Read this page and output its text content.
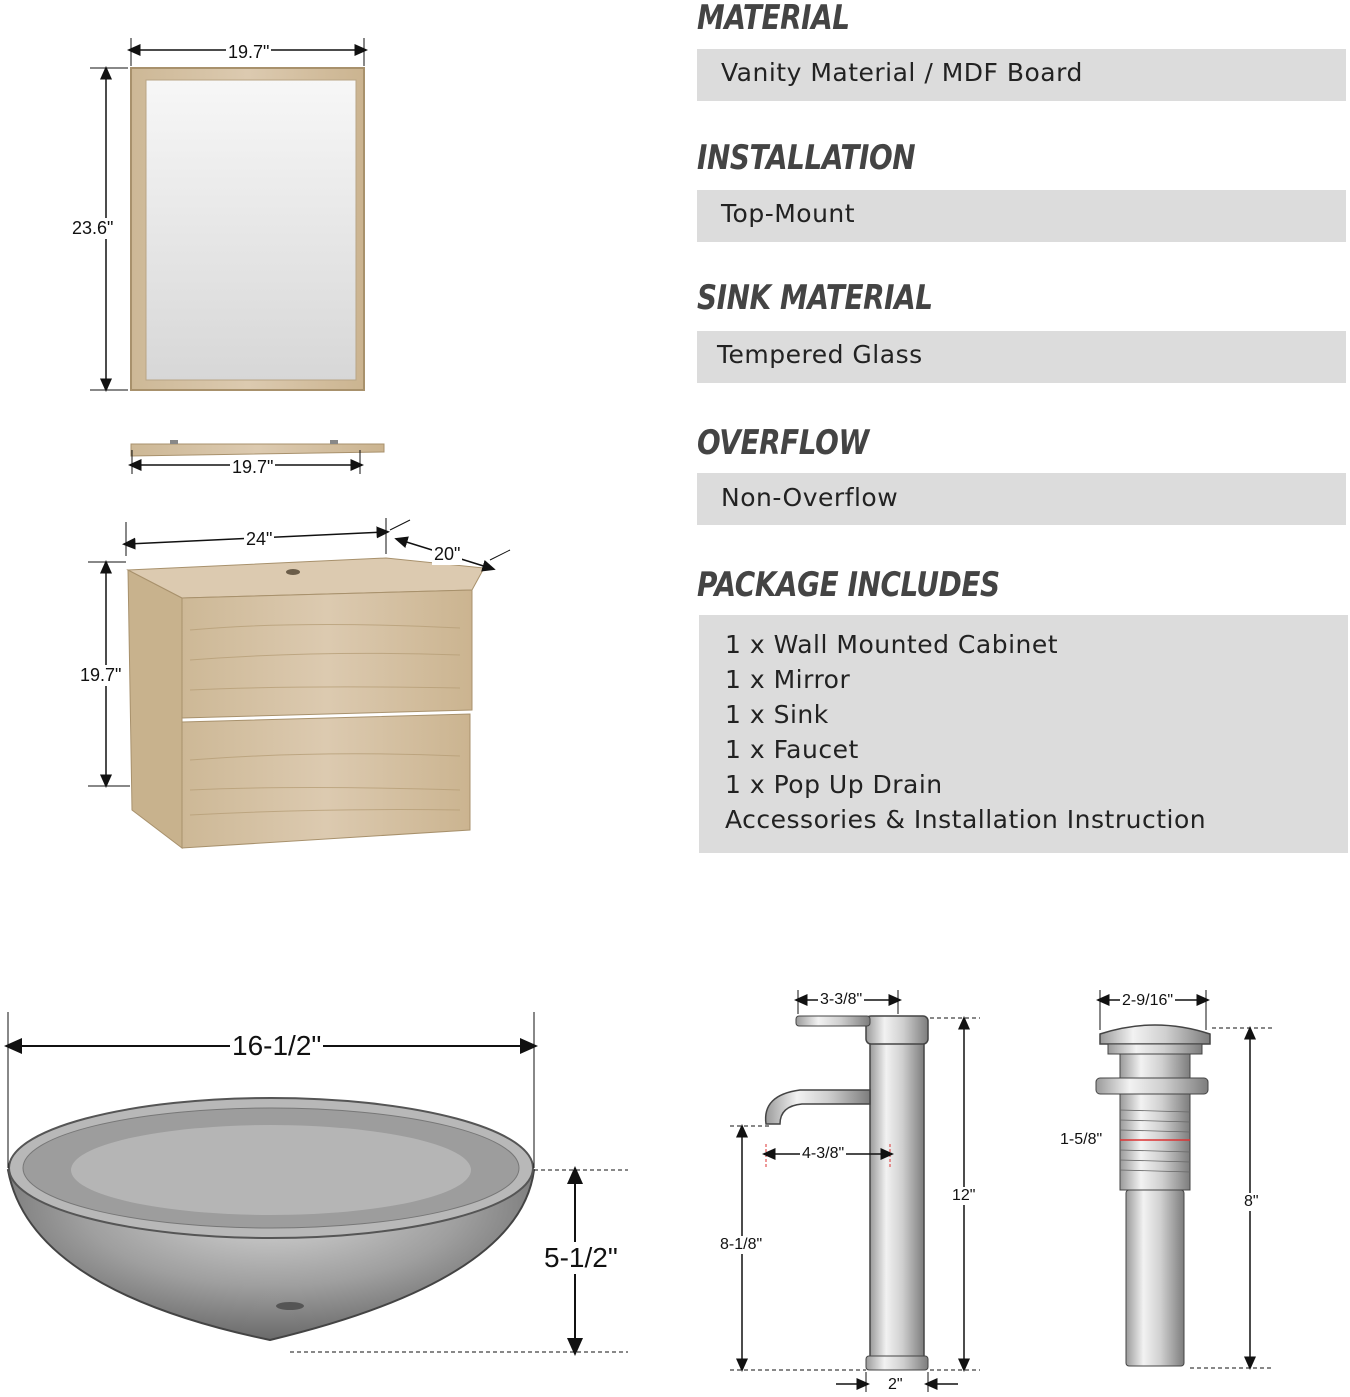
19.7"
23.6"
19.7"
24"
20"
19.7"
16-1/2"
5-1/2"
3-3/8"
4-3/8"
12"
8-1/8"
2"
2-9/16"
1-5/8"
8"
MATERIAL
Vanity Material / MDF Board
INSTALLATION
Top-Mount
SINK MATERIAL
Tempered Glass
OVERFLOW
Non-Overflow
PACKAGE INCLUDES
1 x Wall Mounted Cabinet
1 x Mirror
1 x Sink
1 x Faucet
1 x Pop Up Drain
Accessories & Installation Instruction
